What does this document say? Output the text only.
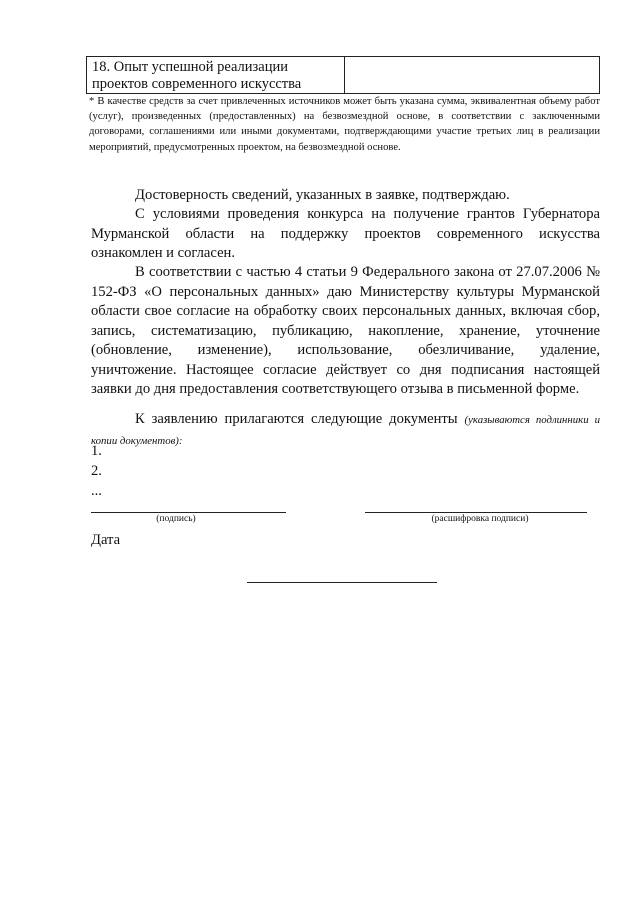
18. Опыт успешной реализации проектов современного искусства
* В качестве средств за счет привлеченных источников может быть указана сумма, эквивалентная объему работ (услуг), произведенных (предоставленных) на безвозмездной основе, в соответствии с заключенными договорами, соглашениями или иными документами, подтверждающими участие третьих лиц в реализации мероприятий, предусмотренных проектом, на безвозмездной основе.
Достоверность сведений, указанных в заявке, подтверждаю.
С условиями проведения конкурса на получение грантов Губернатора Мурманской области на поддержку проектов современного искусства ознакомлен и согласен.
В соответствии с частью 4 статьи 9 Федерального закона от 27.07.2006 № 152-ФЗ «О персональных данных» даю Министерству культуры Мурманской области свое согласие на обработку своих персональных данных, включая сбор, запись, систематизацию, публикацию, накопление, хранение, уточнение (обновление, изменение), использование, обезличивание, удаление, уничтожение. Настоящее согласие действует со дня подписания настоящей заявки до дня предоставления соответствующего отзыва в письменной форме.
К заявлению прилагаются следующие документы (указываются подлинники и копии документов):
1.
2.
...
(подпись)	(расшифровка подписи)
Дата
